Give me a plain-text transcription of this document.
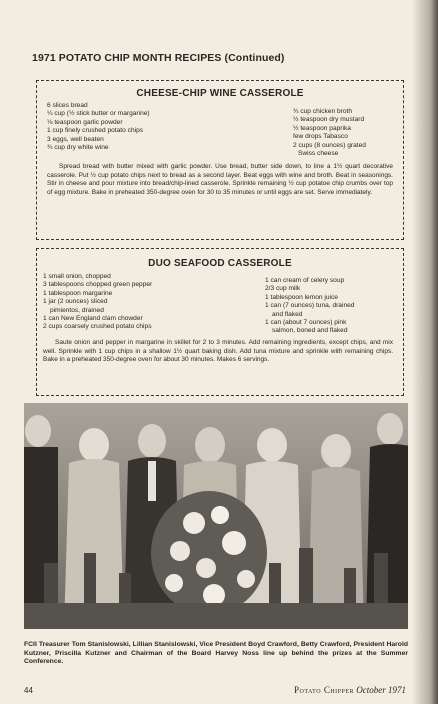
1971 POTATO CHIP MONTH RECIPES (Continued)
CHEESE-CHIP WINE CASSEROLE
6 slices bread
¼ cup (½ stick butter or margarine)
⅛ teaspoon garlic powder
1 cup finely crushed potato chips
3 eggs, well beaten
¾ cup dry white wine
¾ cup chicken broth
½ teaspoon dry mustard
½ teaspoon paprika
few drops Tabasco
2 cups (8 ounces) grated
Swiss cheese
Spread bread with butter mixed with garlic powder. Use bread, butter side down, to line a 1½ quart decorative casserole. Put ½ cup potato chips next to bread as a second layer. Beat eggs with wine and broth. Beat in seasonings. Stir in cheese and pour mixture into bread/chip-lined casserole. Sprinkle remaining ½ cup potatoe chip crumbs over top of egg mixture. Bake in preheated 350-degree oven for 30 to 35 minutes or until eggs are set. Serve immediately.
DUO SEAFOOD CASSEROLE
1 small onion, chopped
3 tablespoons chopped green pepper
1 tablespoon margarine
1 jar (2 ounces) sliced
pimientos, drained
1 can New England clam chowder
2 cups coarsely crushed potato chips
1 can cream of celery soup
2/3 cup milk
1 tablespoon lemon juice
1 can (7 ounces) tuna, drained
and flaked
1 can (about 7 ounces) pink
salmon, boned and flaked
Saute onion and pepper in margarine in skillet for 2 to 3 minutes. Add remaining ingredients, except chips, and mix well. Sprinkle with 1 cup chips in a shallow 1½ quart baking dish. Add tuna mixture and sprinkle with remaining chips. Bake in a preheated 350-degree oven for about 30 minutes. Makes 6 servings.
FCII Treasurer Tom Stanislowski, Lillian Stanislowski, Vice President Boyd Crawford, Betty Crawford, President Harold Kutzner, Priscilla Kutzner and Chairman of the Board Harvey Noss line up behind the prizes at the Summer Conference.
44	Potato Chipper October 1971
